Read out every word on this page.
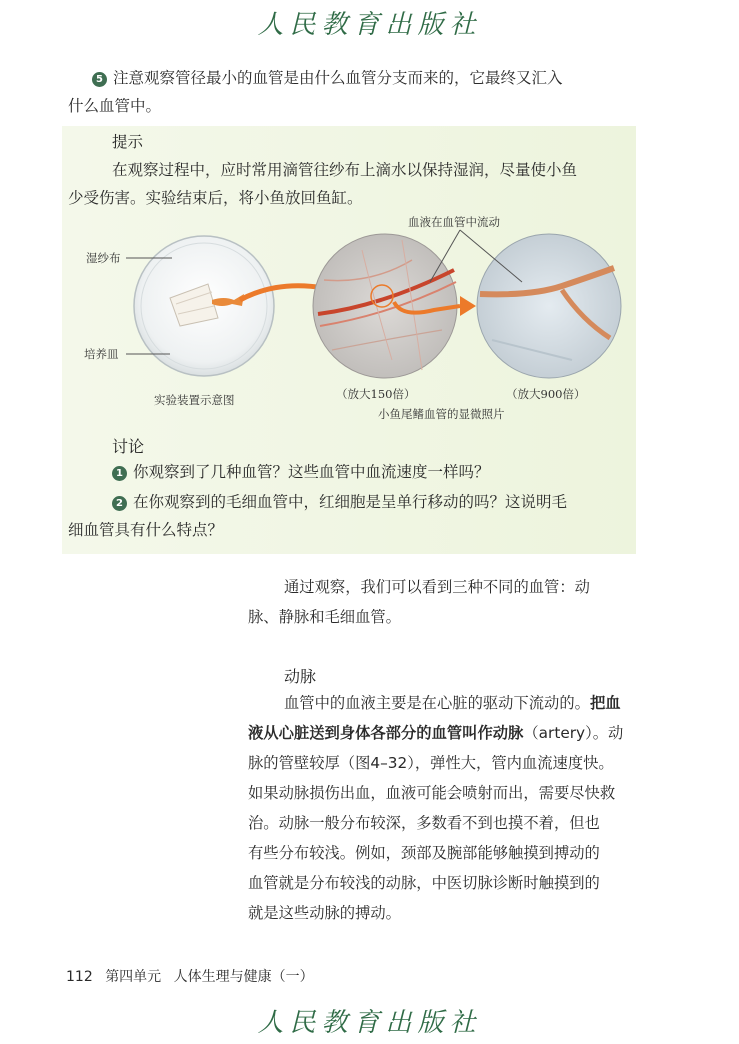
人民教育出版社
5 注意观察管径最小的血管是由什么血管分支而来的，它最终又汇入
什么血管中。
提示
在观察过程中，应时常用滴管往纱布上滴水以保持湿润，尽量使小鱼
少受伤害。实验结束后，将小鱼放回鱼缸。
湿纱布
培养皿
血液在血管中流动
实验装置示意图	（放大150倍）	（放大900倍）
小鱼尾鳍血管的显微照片
讨论
1 你观察到了几种血管？这些血管中血流速度一样吗？
2 在你观察到的毛细血管中，红细胞是呈单行移动的吗？这说明毛
细血管具有什么特点？
通过观察，我们可以看到三种不同的血管：动
脉、静脉和毛细血管。
动脉
血管中的血液主要是在心脏的驱动下流动的。把血
液从心脏送到身体各部分的血管叫作动脉（artery）。动
脉的管壁较厚（图4–32），弹性大，管内血流速度快。
如果动脉损伤出血，血液可能会喷射而出，需要尽快救
治。动脉一般分布较深，多数看不到也摸不着，但也
有些分布较浅。例如，颈部及腕部能够触摸到搏动的
血管就是分布较浅的动脉，中医切脉诊断时触摸到的
就是这些动脉的搏动。
112 第四单元 人体生理与健康（一）
人民教育出版社
